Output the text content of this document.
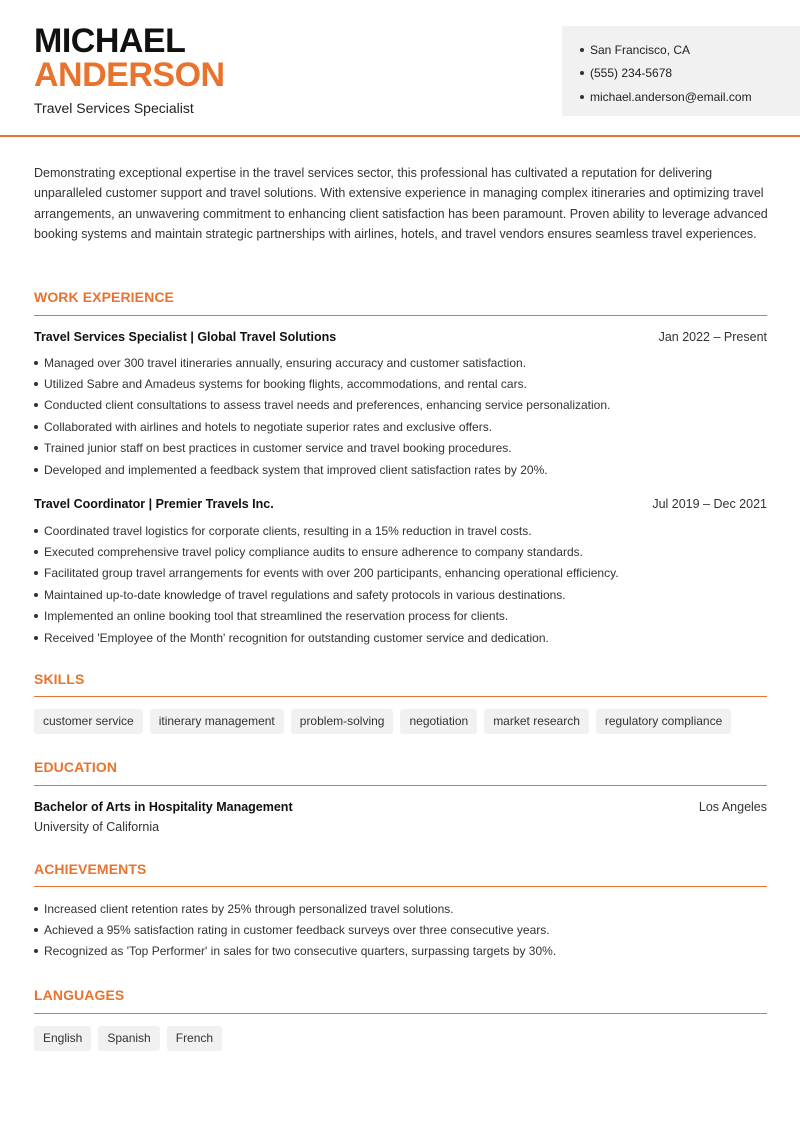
MICHAEL
ANDERSON
Travel Services Specialist
San Francisco, CA
(555) 234-5678
michael.anderson@email.com

Demonstrating exceptional expertise in the travel services sector, this professional has cultivated a reputation for delivering unparalleled customer support and travel solutions. With extensive experience in managing complex itineraries and optimizing travel arrangements, an unwavering commitment to enhancing client satisfaction has been paramount. Proven ability to leverage advanced booking systems and maintain strategic partnerships with airlines, hotels, and travel vendors ensures seamless travel experiences.

WORK EXPERIENCE
Travel Services Specialist | Global Travel Solutions	Jan 2022 – Present
Managed over 300 travel itineraries annually, ensuring accuracy and customer satisfaction.
Utilized Sabre and Amadeus systems for booking flights, accommodations, and rental cars.
Conducted client consultations to assess travel needs and preferences, enhancing service personalization.
Collaborated with airlines and hotels to negotiate superior rates and exclusive offers.
Trained junior staff on best practices in customer service and travel booking procedures.
Developed and implemented a feedback system that improved client satisfaction rates by 20%.
Travel Coordinator | Premier Travels Inc.	Jul 2019 – Dec 2021
Coordinated travel logistics for corporate clients, resulting in a 15% reduction in travel costs.
Executed comprehensive travel policy compliance audits to ensure adherence to company standards.
Facilitated group travel arrangements for events with over 200 participants, enhancing operational efficiency.
Maintained up-to-date knowledge of travel regulations and safety protocols in various destinations.
Implemented an online booking tool that streamlined the reservation process for clients.
Received 'Employee of the Month' recognition for outstanding customer service and dedication.
SKILLS
customer service	itinerary management	problem-solving	negotiation	market research	regulatory compliance
EDUCATION
Bachelor of Arts in Hospitality Management	Los Angeles
University of California
ACHIEVEMENTS
Increased client retention rates by 25% through personalized travel solutions.
Achieved a 95% satisfaction rating in customer feedback surveys over three consecutive years.
Recognized as 'Top Performer' in sales for two consecutive quarters, surpassing targets by 30%.
LANGUAGES
English	Spanish	French
